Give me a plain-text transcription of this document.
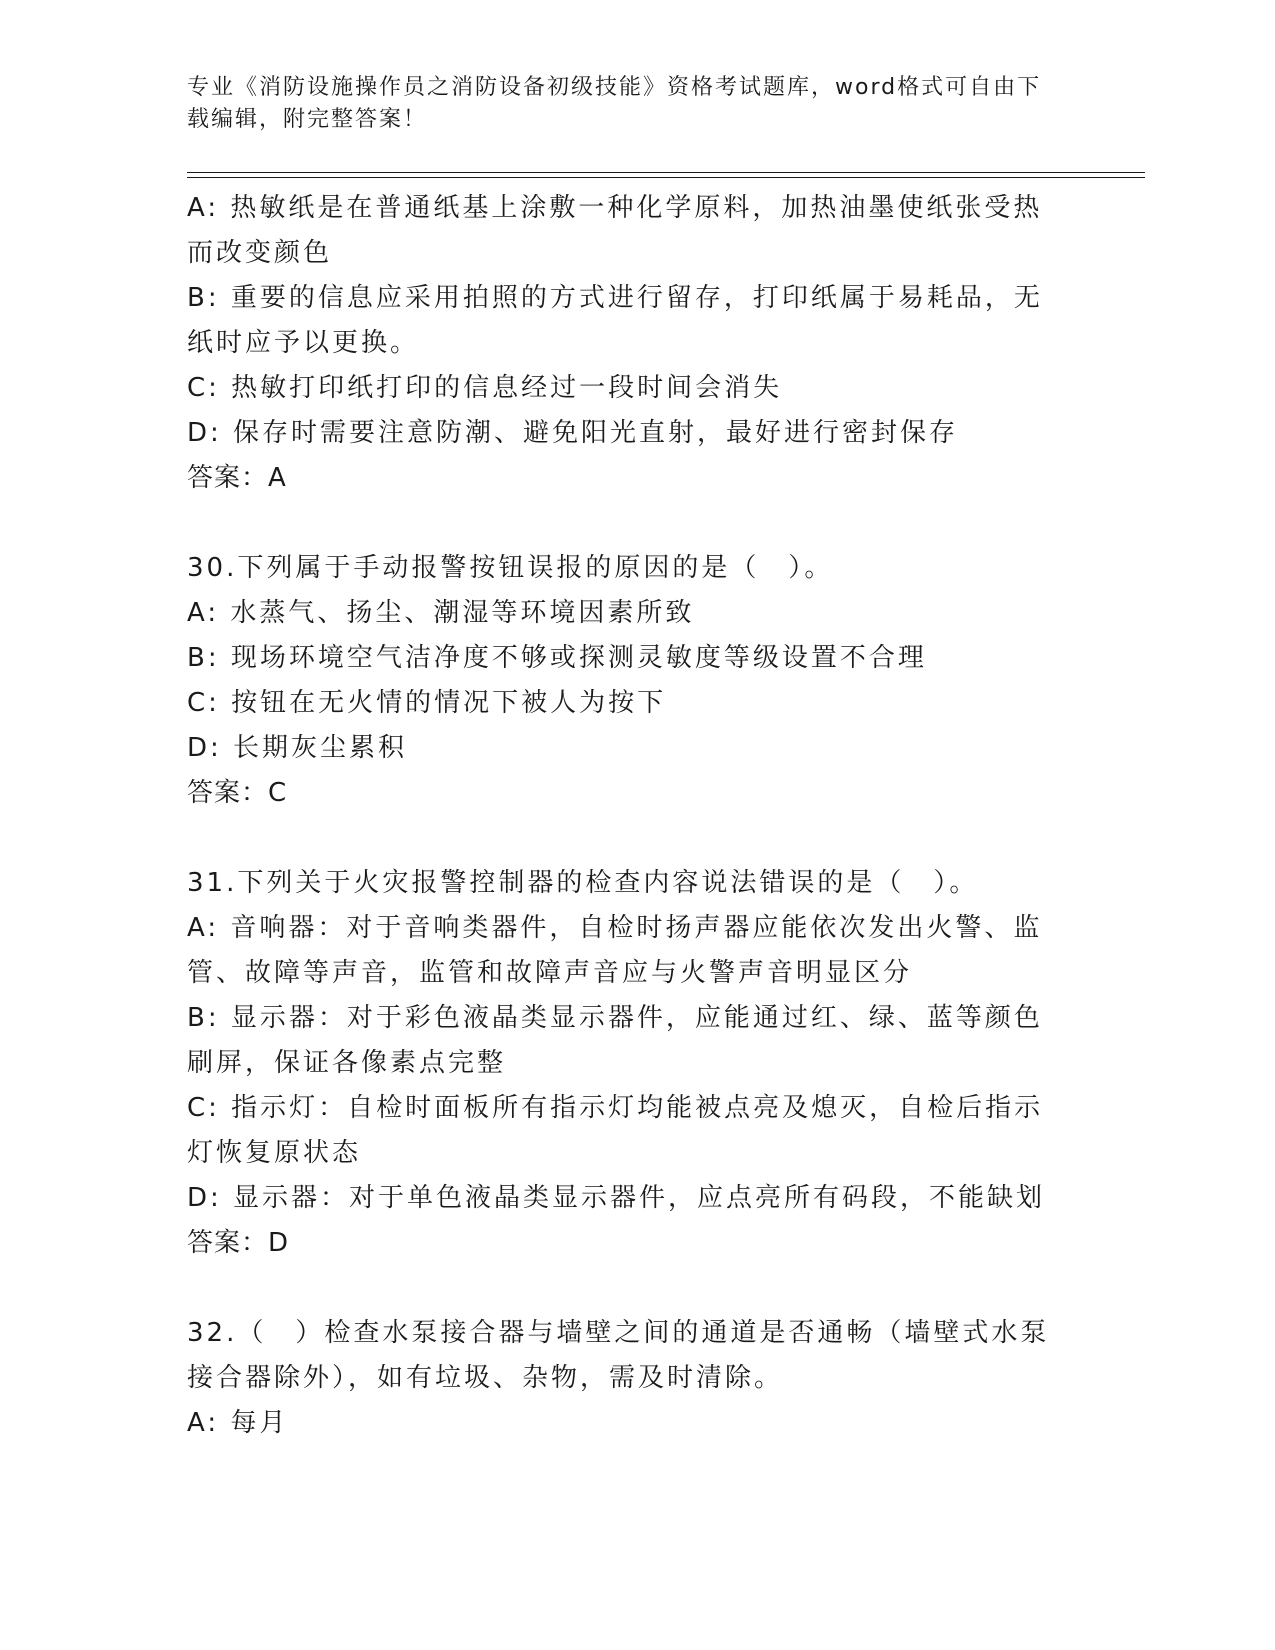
专业《消防设施操作员之消防设备初级技能》资格考试题库，word格式可自由下
载编辑，附完整答案！

A: 热敏纸是在普通纸基上涂敷一种化学原料，加热油墨使纸张受热而改变颜色

B: 重要的信息应采用拍照的方式进行留存，打印纸属于易耗品，无纸时应予以更换。

C: 热敏打印纸打印的信息经过一段时间会消失

D: 保存时需要注意防潮、避免阳光直射，最好进行密封保存

答案：A

30.下列属于手动报警按钮误报的原因的是（　）。

A: 水蒸气、扬尘、潮湿等环境因素所致

B: 现场环境空气洁净度不够或探测灵敏度等级设置不合理

C: 按钮在无火情的情况下被人为按下

D: 长期灰尘累积

答案：C

31.下列关于火灾报警控制器的检查内容说法错误的是（　）。

A: 音响器：对于音响类器件，自检时扬声器应能依次发出火警、监管、故障等声音，监管和故障声音应与火警声音明显区分

B: 显示器：对于彩色液晶类显示器件，应能通过红、绿、蓝等颜色刷屏，保证各像素点完整

C: 指示灯：自检时面板所有指示灯均能被点亮及熄灭，自检后指示灯恢复原状态

D: 显示器：对于单色液晶类显示器件，应点亮所有码段，不能缺划

答案：D

32.（　）检查水泵接合器与墙壁之间的通道是否通畅（墙壁式水泵接合器除外），如有垃圾、杂物，需及时清除。

A: 每月
